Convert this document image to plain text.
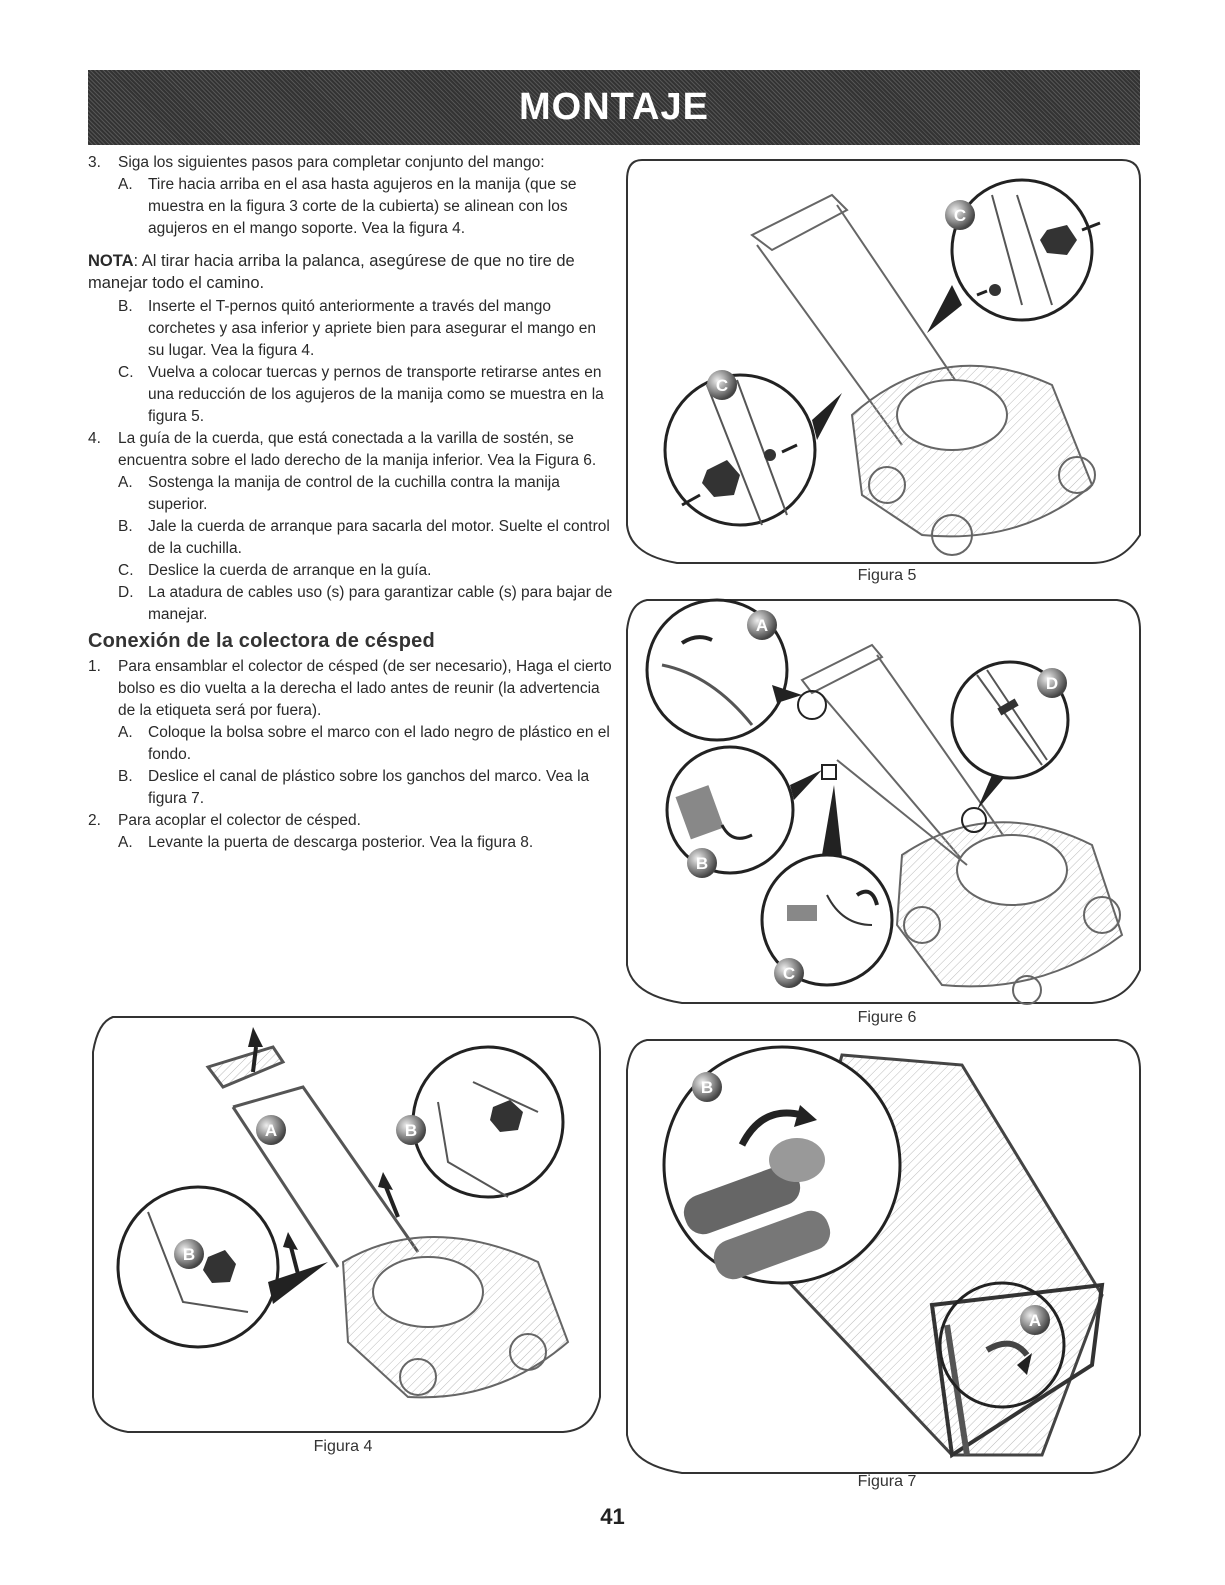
MONTAJE
3.	Siga los siguientes pasos para completar conjunto del mango:
A. Tire hacia arriba en el asa hasta agujeros en la manija (que se muestra en la figura 3 corte de la cubierta) se alinean con los agujeros en el mango soporte. Vea la figura 4.
NOTA: Al tirar hacia arriba la palanca, asegúrese de que no tire de manejar todo el camino.
B. Inserte el T-pernos quitó anteriormente a través del mango corchetes y asa inferior y apriete bien para asegurar el mango en su lugar. Vea la figura 4.
C. Vuelva a colocar tuercas y pernos de transporte retirarse antes en una reducción de los agujeros de la manija como se muestra en la figura 5.
4.	La guía de la cuerda, que está conectada a la varilla de sostén, se encuentra sobre el lado derecho de la manija inferior. Vea la Figura 6.
A. Sostenga la manija de control de la cuchilla contra la manija superior.
B. Jale la cuerda de arranque para sacarla del motor. Suelte el control de la cuchilla.
C. Deslice la cuerda de arranque en la guía.
D. La atadura de cables uso (s) para garantizar cable (s) para bajar de manejar.
Conexión de la colectora de césped
1.	Para ensamblar el colector de césped (de ser necesario), Haga el cierto bolso es dio vuelta a la derecha el lado antes de reunir (la advertencia de la etiqueta será por fuera).
A. Coloque la bolsa sobre el marco con el lado negro de plástico en el fondo.
B. Deslice el canal de plástico sobre los ganchos del marco. Vea la figura 7.
2.	Para acoplar el colector de césped.
A. Levante la puerta de descarga posterior. Vea la figura 8.
C
C
Figura 5
A
D
B
C
Figure 6
A	B
B
Figura 4
B
A
Figura 7
41
